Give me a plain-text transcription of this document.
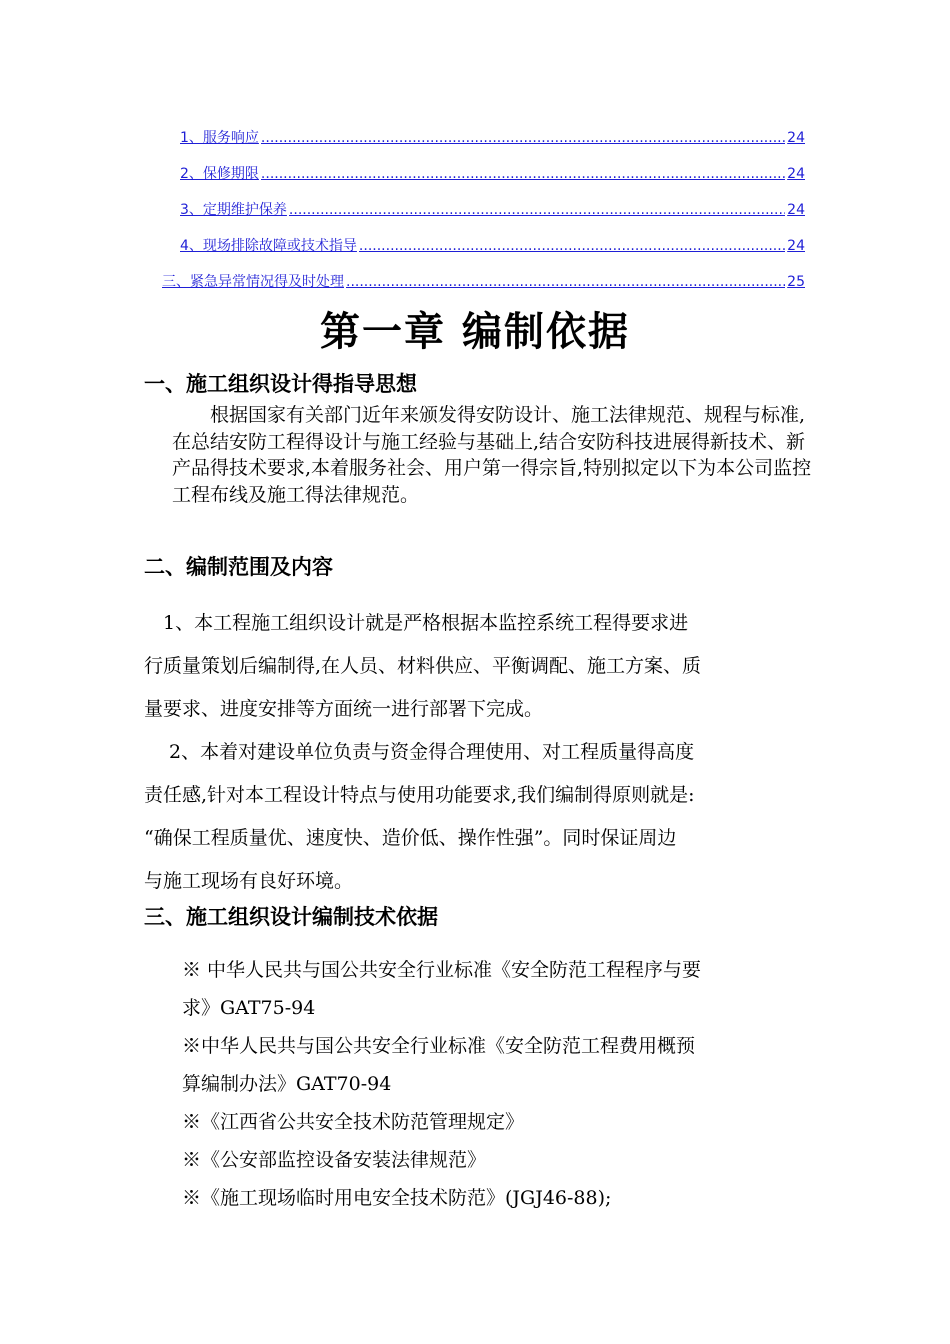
1、服务响应 .....	24
2、保修期限 .....	24
3、定期维护保养 .....	24
4、现场排除故障或技术指导 .....	24
三、紧急异常情况得及时处理 .....	25
第一章 编制依据
一、施工组织设计得指导思想

根据国家有关部门近年来颁发得安防设计、施工法律规范、规程与标准,在总结安防工程得设计与施工经验与基础上,结合安防科技进展得新技术、新产品得技术要求,本着服务社会、用户第一得宗旨,特别拟定以下为本公司监控工程布线及施工得法律规范。

二、编制范围及内容

　1、本工程施工组织设计就是严格根据本监控系统工程得要求进

行质量策划后编制得,在人员、材料供应、平衡调配、施工方案、质

量要求、进度安排等方面统一进行部署下完成。

　 2、本着对建设单位负责与资金得合理使用、对工程质量得高度

责任感,针对本工程设计特点与使用功能要求,我们编制得原则就是:

“确保工程质量优、速度快、造价低、操作性强”。同时保证周边

与施工现场有良好环境。

三、施工组织设计编制技术依据

※ 中华人民共与国公共安全行业标准《安全防范工程程序与要

求》GAT75-94

※中华人民共与国公共安全行业标准《安全防范工程费用概预

算编制办法》GAT70-94

※《江西省公共安全技术防范管理规定》

※《公安部监控设备安装法律规范》

※《施工现场临时用电安全技术防范》(JGJ46-88);
